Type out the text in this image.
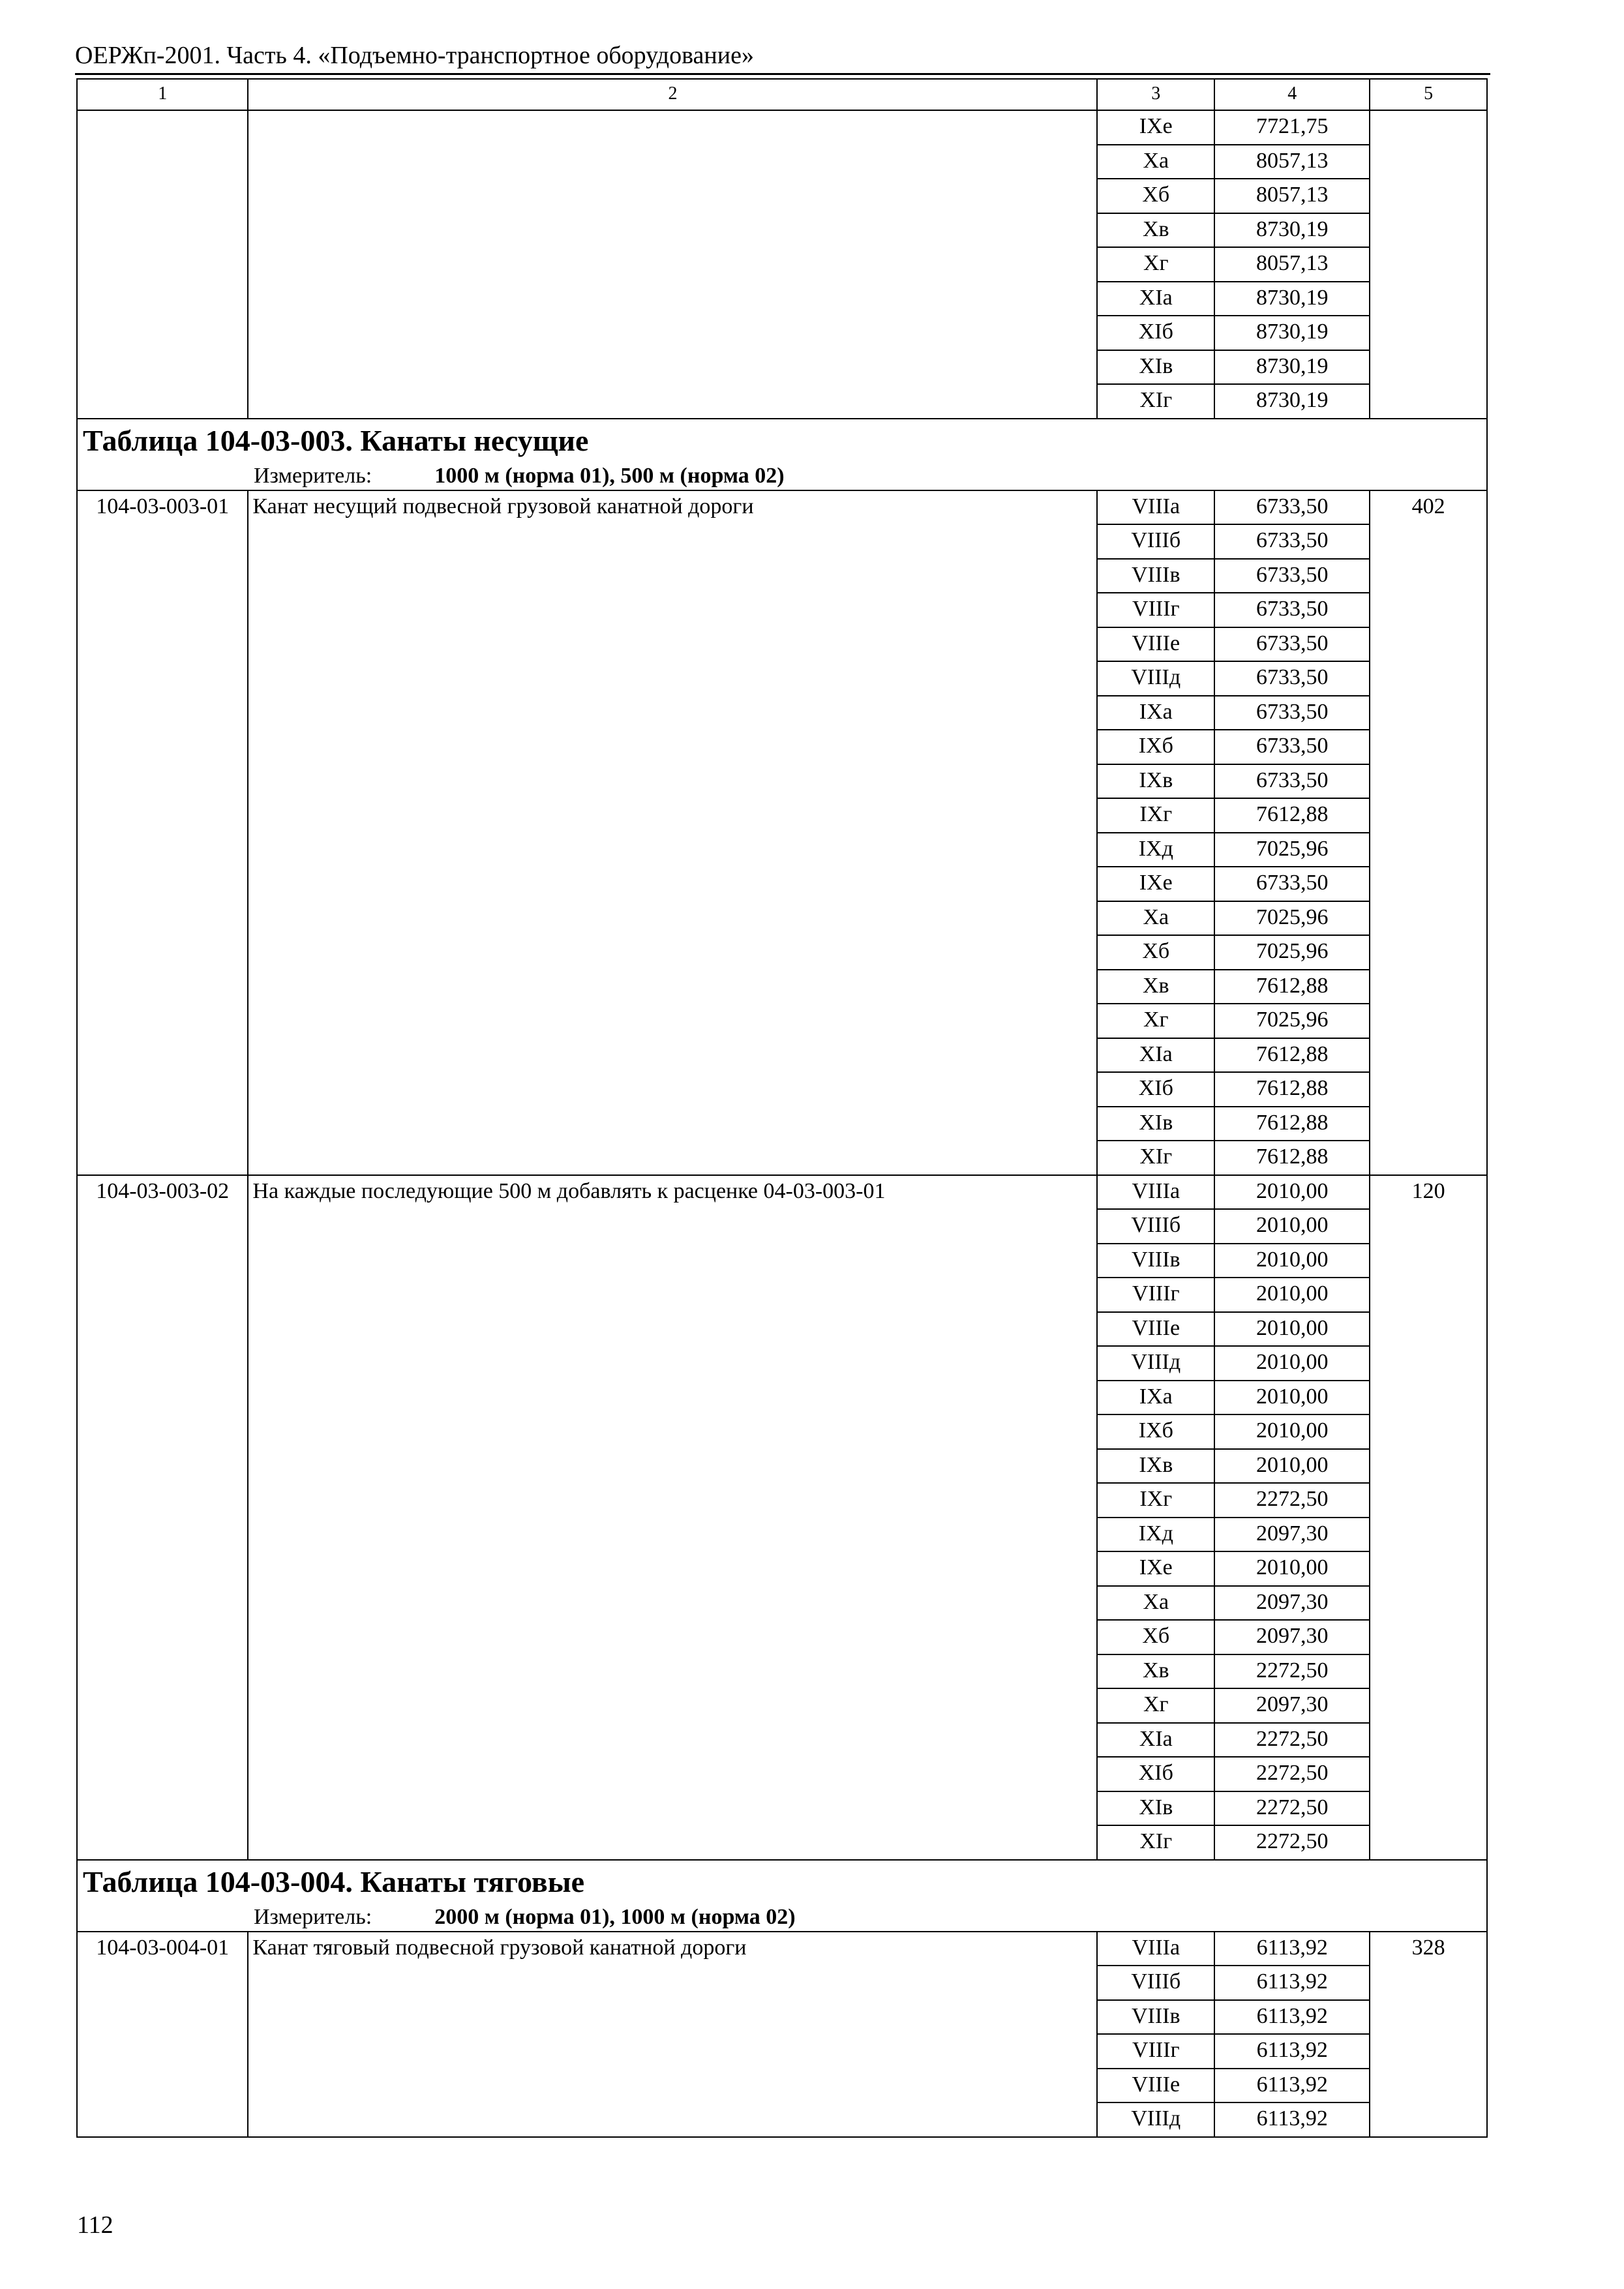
ОЕРЖп-2001. Часть 4. «Подъемно-транспортное оборудование»
1	2	3	4	5
		IXе	7721,75	
		Xа	8057,13	
		Xб	8057,13	
		Xв	8730,19	
		Xг	8057,13	
		XIа	8730,19	
		XIб	8730,19	
		XIв	8730,19	
		XIг	8730,19	

Таблица 104-03-003. Канаты несущие
Измеритель: 1000 м (норма 01), 500 м (норма 02)				

104-03-003-01	Канат несущий подвесной грузовой канатной дороги	VIIIа	6733,50	402
		VIIIб	6733,50	
		VIIIв	6733,50	
		VIIIг	6733,50	
		VIIIе	6733,50	
		VIIIд	6733,50	
		IXа	6733,50	
		IXб	6733,50	
		IXв	6733,50	
		IXг	7612,88	
		IXд	7025,96	
		IXе	6733,50	
		Xа	7025,96	
		Xб	7025,96	
		Xв	7612,88	
		Xг	7025,96	
		XIа	7612,88	
		XIб	7612,88	
		XIв	7612,88	
		XIг	7612,88	
104-03-003-02	На каждые последующие 500 м добавлять к расценке 04-03-003-01	VIIIа	2010,00	120
		VIIIб	2010,00	
		VIIIв	2010,00	
		VIIIг	2010,00	
		VIIIе	2010,00	
		VIIIд	2010,00	
		IXа	2010,00	
		IXб	2010,00	
		IXв	2010,00	
		IXг	2272,50	
		IXд	2097,30	
		IXе	2010,00	
		Xа	2097,30	
		Xб	2097,30	
		Xв	2272,50	
		Xг	2097,30	
		XIа	2272,50	
		XIб	2272,50	
		XIв	2272,50	
		XIг	2272,50	

Таблица 104-03-004. Канаты тяговые
Измеритель: 2000 м (норма 01), 1000 м (норма 02)				

104-03-004-01	Канат тяговый подвесной грузовой канатной дороги	VIIIа	6113,92	328
		VIIIб	6113,92	
		VIIIв	6113,92	
		VIIIг	6113,92	
		VIIIе	6113,92	
		VIIIд	6113,92	
112
